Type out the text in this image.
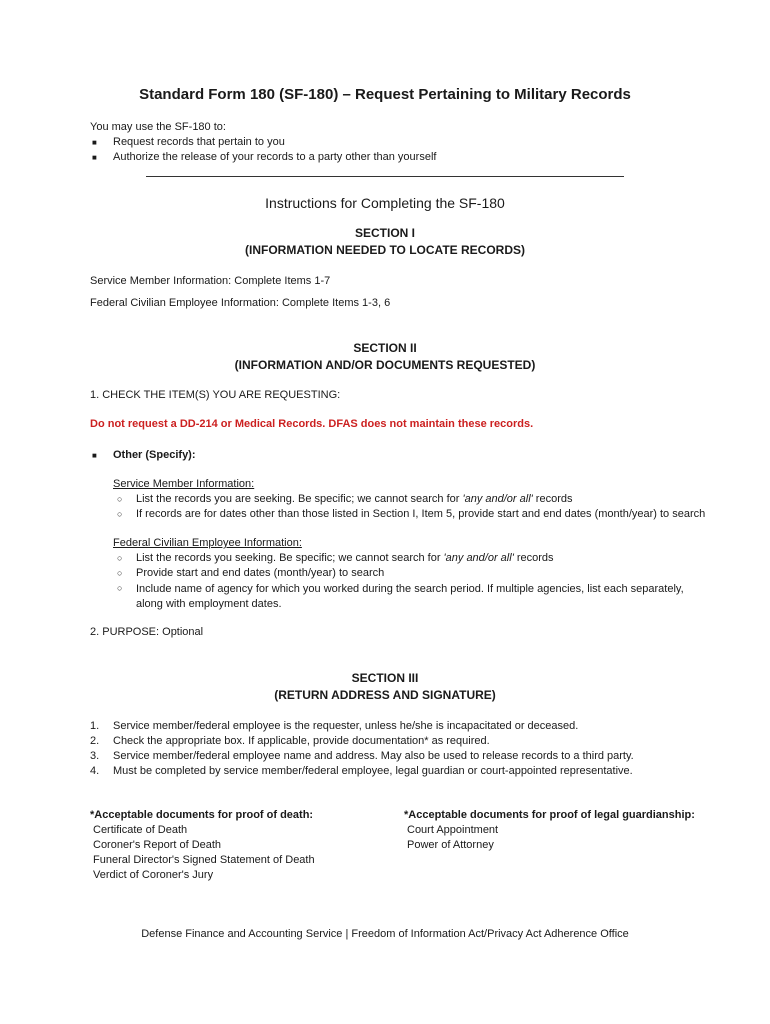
Standard Form 180 (SF-180) – Request Pertaining to Military Records
You may use the SF-180 to:
■ Request records that pertain to you
■ Authorize the release of your records to a party other than yourself
Instructions for Completing the SF-180
SECTION I
(INFORMATION NEEDED TO LOCATE RECORDS)
Service Member Information: Complete Items 1-7
Federal Civilian Employee Information: Complete Items 1-3, 6
SECTION II
(INFORMATION AND/OR DOCUMENTS REQUESTED)
1. CHECK THE ITEM(S) YOU ARE REQUESTING:
Do not request a DD-214 or Medical Records. DFAS does not maintain these records.
■ Other (Specify):
Service Member Information:
○ List the records you are seeking. Be specific; we cannot search for 'any and/or all' records
○ If records are for dates other than those listed in Section I, Item 5, provide start and end dates (month/year) to search
Federal Civilian Employee Information:
○ List the records you seeking. Be specific; we cannot search for 'any and/or all' records
○ Provide start and end dates (month/year) to search
○ Include name of agency for which you worked during the search period. If multiple agencies, list each separately, along with employment dates.
2. PURPOSE: Optional
SECTION III
(RETURN ADDRESS AND SIGNATURE)
1. Service member/federal employee is the requester, unless he/she is incapacitated or deceased.
2. Check the appropriate box. If applicable, provide documentation* as required.
3. Service member/federal employee name and address. May also be used to release records to a third party.
4. Must be completed by service member/federal employee, legal guardian or court-appointed representative.
*Acceptable documents for proof of death:
Certificate of Death
Coroner's Report of Death
Funeral Director's Signed Statement of Death
Verdict of Coroner's Jury
*Acceptable documents for proof of legal guardianship:
Court Appointment
Power of Attorney
Defense Finance and Accounting Service | Freedom of Information Act/Privacy Act Adherence Office
